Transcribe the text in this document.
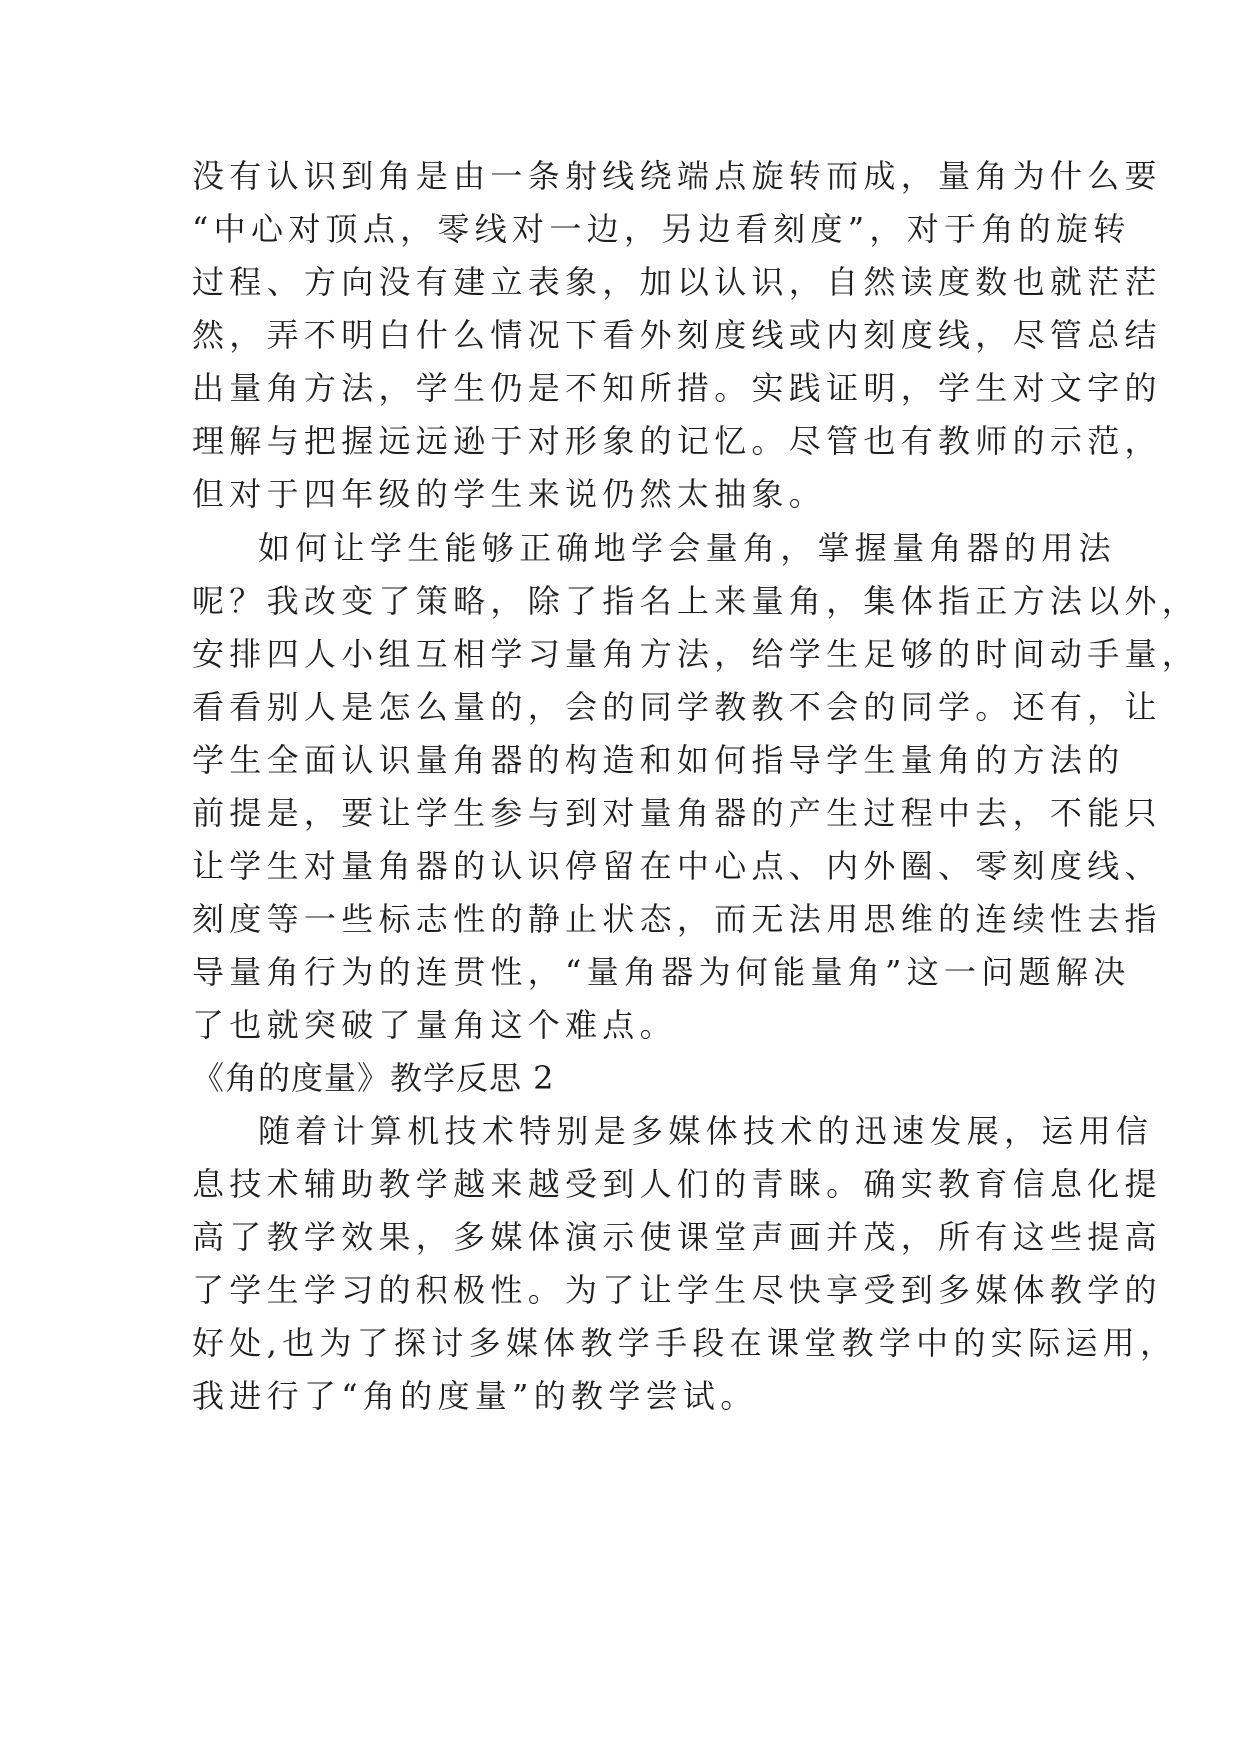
没有认识到角是由一条射线绕端点旋转而成，量角为什么要
“中心对顶点，零线对一边，另边看刻度”，对于角的旋转
过程、方向没有建立表象，加以认识，自然读度数也就茫茫
然，弄不明白什么情况下看外刻度线或内刻度线，尽管总结
出量角方法，学生仍是不知所措。实践证明，学生对文字的
理解与把握远远逊于对形象的记忆。尽管也有教师的示范，
但对于四年级的学生来说仍然太抽象。
如何让学生能够正确地学会量角，掌握量角器的用法
呢？我改变了策略，除了指名上来量角，集体指正方法以外，
安排四人小组互相学习量角方法，给学生足够的时间动手量，
看看别人是怎么量的，会的同学教教不会的同学。还有，让
学生全面认识量角器的构造和如何指导学生量角的方法的
前提是，要让学生参与到对量角器的产生过程中去，不能只
让学生对量角器的认识停留在中心点、内外圈、零刻度线、
刻度等一些标志性的静止状态，而无法用思维的连续性去指
导量角行为的连贯性，“量角器为何能量角”这一问题解决
了也就突破了量角这个难点。
《角的度量》教学反思 2
随着计算机技术特别是多媒体技术的迅速发展，运用信
息技术辅助教学越来越受到人们的青睐。确实教育信息化提
高了教学效果，多媒体演示使课堂声画并茂，所有这些提高
了学生学习的积极性。为了让学生尽快享受到多媒体教学的
好处,也为了探讨多媒体教学手段在课堂教学中的实际运用，
我进行了“角的度量”的教学尝试。
